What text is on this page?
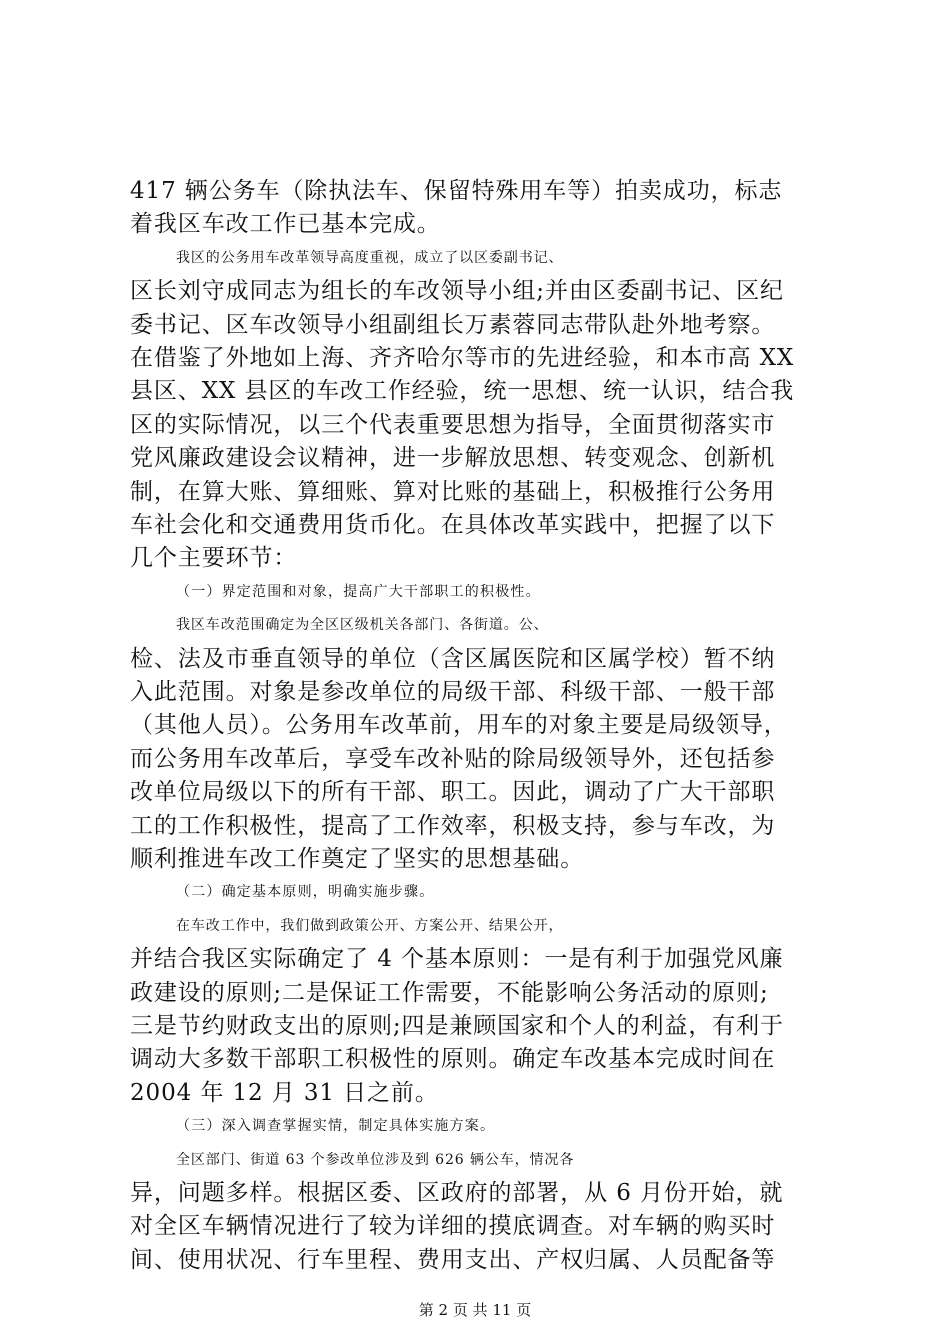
417 辆公务车（除执法车、保留特殊用车等）拍卖成功，标志
着我区车改工作已基本完成。
我区的公务用车改革领导高度重视，成立了以区委副书记、
区长刘守成同志为组长的车改领导小组;并由区委副书记、区纪
委书记、区车改领导小组副组长万素蓉同志带队赴外地考察。
在借鉴了外地如上海、齐齐哈尔等市的先进经验，和本市高 XX
县区、XX 县区的车改工作经验，统一思想、统一认识，结合我
区的实际情况，以三个代表重要思想为指导，全面贯彻落实市
党风廉政建设会议精神，进一步解放思想、转变观念、创新机
制，在算大账、算细账、算对比账的基础上，积极推行公务用
车社会化和交通费用货币化。在具体改革实践中，把握了以下
几个主要环节：
（一）界定范围和对象，提高广大干部职工的积极性。
我区车改范围确定为全区区级机关各部门、各街道。公、
检、法及市垂直领导的单位（含区属医院和区属学校）暂不纳
入此范围。对象是参改单位的局级干部、科级干部、一般干部
（其他人员）。公务用车改革前，用车的对象主要是局级领导，
而公务用车改革后，享受车改补贴的除局级领导外，还包括参
改单位局级以下的所有干部、职工。因此，调动了广大干部职
工的工作积极性，提高了工作效率，积极支持，参与车改，为
顺利推进车改工作奠定了坚实的思想基础。
（二）确定基本原则，明确实施步骤。
在车改工作中，我们做到政策公开、方案公开、结果公开，
并结合我区实际确定了 4 个基本原则：一是有利于加强党风廉
政建设的原则;二是保证工作需要，不能影响公务活动的原则;
三是节约财政支出的原则;四是兼顾国家和个人的利益，有利于
调动大多数干部职工积极性的原则。确定车改基本完成时间在
2004 年 12 月 31 日之前。
（三）深入调查掌握实情，制定具体实施方案。
全区部门、街道 63 个参改单位涉及到 626 辆公车，情况各
异，问题多样。根据区委、区政府的部署，从 6 月份开始，就
对全区车辆情况进行了较为详细的摸底调查。对车辆的购买时
间、使用状况、行车里程、费用支出、产权归属、人员配备等
第 2 页 共 11 页
